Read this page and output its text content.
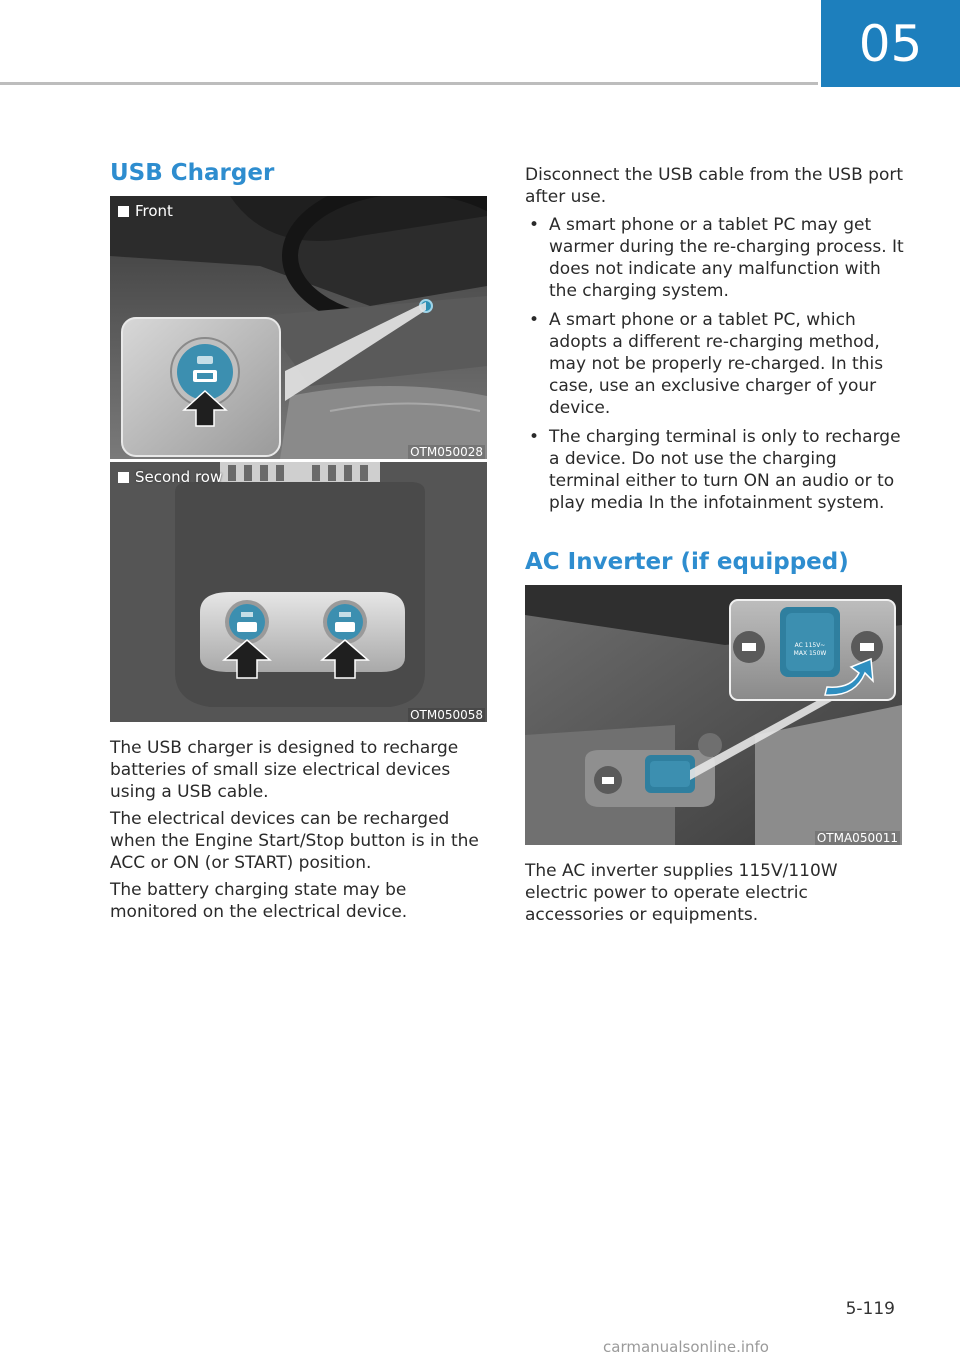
05
USB Charger
Front
OTM050028
Second row
OTM050058

The USB charger is designed to recharge batteries of small size electrical devices using a USB cable.

The electrical devices can be recharged when the Engine Start/Stop button is in the ACC or ON (or START) position.

The battery charging state may be monitored on the electrical device.

Disconnect the USB cable from the USB port after use.

• A smart phone or a tablet PC may get warmer during the re-charging process. It does not indicate any malfunction with the charging system.
• A smart phone or a tablet PC, which adopts a different re-charging method, may not be properly re-charged. In this case, use an exclusive charger of your device.
• The charging terminal is only to recharge a device. Do not use the charging terminal either to turn ON an audio or to play media In the infotainment system.
AC Inverter (if equipped)
AC 115V~
MAX 150W
OTMA050011

The AC inverter supplies 115V/110W electric power to operate electric accessories or equipments.

5-119
carmanualsonline.info
